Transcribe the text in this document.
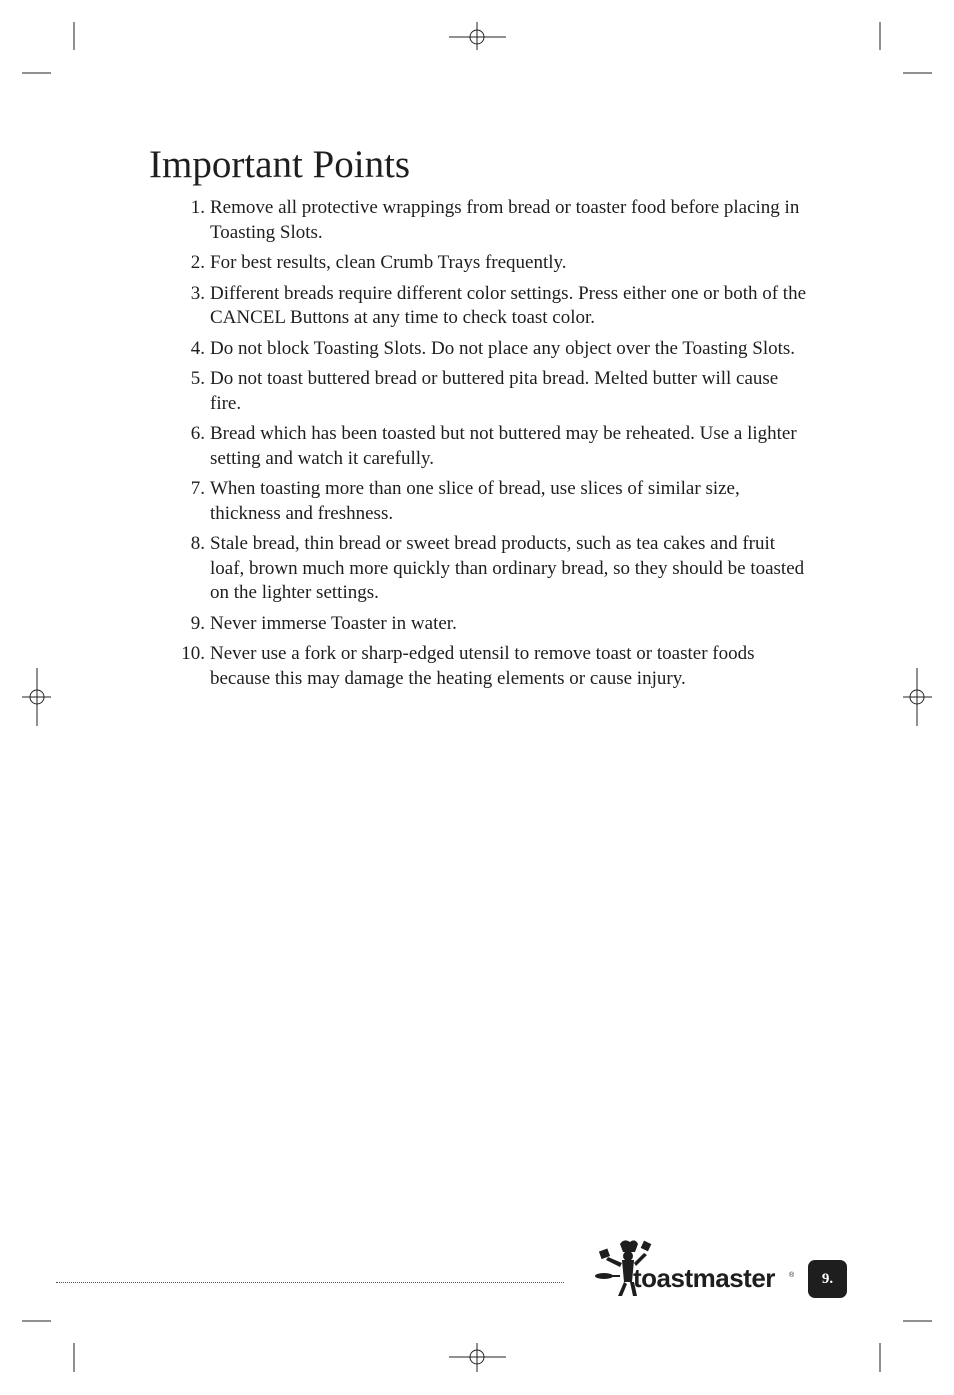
Important Points
1. Remove all protective wrappings from bread or toaster food before placing in Toasting Slots.
2. For best results, clean Crumb Trays frequently.
3. Different breads require different color settings. Press either one or both of the CANCEL Buttons at any time to check toast color.
4. Do not block Toasting Slots. Do not place any object over the Toasting Slots.
5. Do not toast buttered bread or buttered pita bread. Melted butter will cause fire.
6. Bread which has been toasted but not buttered may be reheated. Use a lighter setting and watch it carefully.
7. When toasting more than one slice of bread, use slices of similar size, thickness and freshness.
8. Stale bread, thin bread or sweet bread products, such as tea cakes and fruit loaf, brown much more quickly than ordinary bread, so they should be toasted on the lighter settings.
9. Never immerse Toaster in water.
10. Never use a fork or sharp-edged utensil to remove toast or toaster foods because this may damage the heating elements or cause injury.
toastmaster ® 9.
